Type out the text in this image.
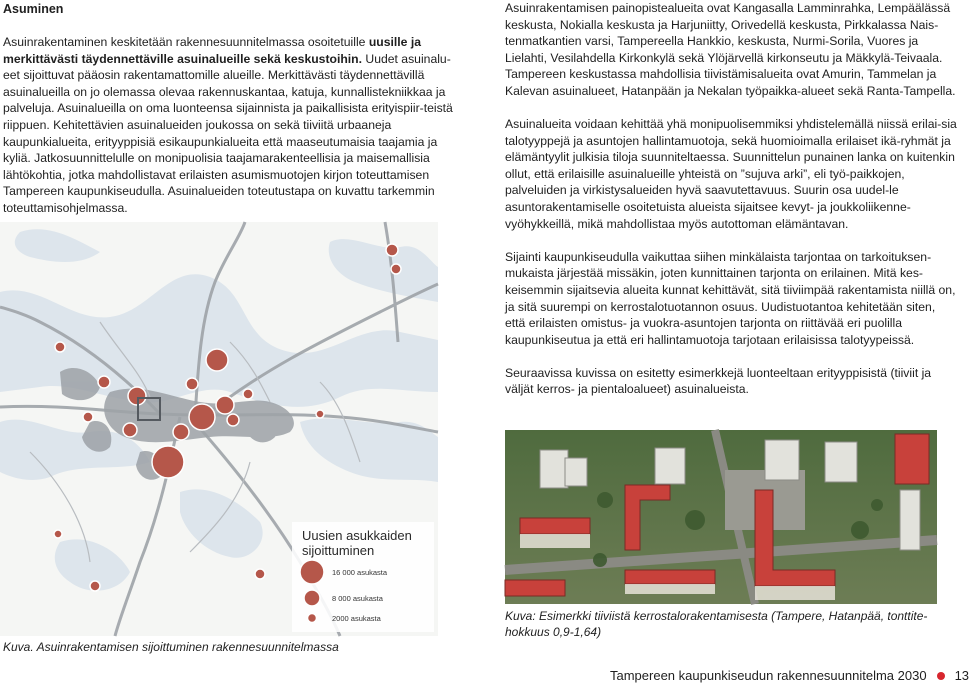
Asuminen

Asuinrakentaminen keskitetään rakennesuunnitelmassa osoitetuille uusille ja merkittävästi täydennettäville asuinalueille sekä keskustoihin. Uudet asuinalu-eet sijoittuvat pääosin rakentamattomille alueille. Merkittävästi täydennettävillä asuinalueilla on jo olemassa olevaa rakennuskantaa, katuja, kunnallistekniikkaa ja palveluja. Asuinalueilla on oma luonteensa sijainnista ja paikallisista erityispiir-teistä riippuen. Kehitettävien asuinalueiden joukossa on sekä tiiviitä urbaaneja kaupunkialueita, erityyppisiä esikaupunkialueita että maaseutumaisia taajamia ja kyliä. Jatkosuunnittelulle on monipuolisia taajamarakenteellisia ja maisemallisia lähtökohtia, jotka mahdollistavat erilaisten asumismuotojen kirjon toteuttamisen Tampereen kaupunkiseudulla. Asuinalueiden toteutustapa on kuvattu tarkemmin toteuttamisohjelmassa.

Uusien asukkaiden sijoittuminen
16 000 asukasta
8 000 asukasta
2000 asukasta
Kuva. Asuinrakentamisen sijoittuminen rakennesuunnitelmassa

Asuinrakentamisen painopistealueita ovat Kangasalla Lamminrahka, Lempäälässä keskusta, Nokialla keskusta ja Harjuniitty, Orivedellä keskusta, Pirkkalassa Nais-tenmatkantien varsi, Tampereella Hankkio, keskusta, Nurmi-Sorila, Vuores ja Lielahti, Vesilahdella Kirkonkylä sekä Ylöjärvellä kirkonseutu ja Mäkkylä-Teivaala. Tampereen keskustassa mahdollisia tiivistämisalueita ovat Amurin, Tammelan ja Kalevan asuinalueet, Hatanpään ja Nekalan työpaikka-alueet sekä Ranta-Tampella.

Asuinalueita voidaan kehittää yhä monipuolisemmiksi yhdistelemällä niissä erilai-sia talotyyppejä ja asuntojen hallintamuotoja, sekä huomioimalla erilaiset ikä-ryhmät ja elämäntyylit julkisia tiloja suunniteltaessa. Suunnittelun punainen lanka on kuitenkin ollut, että erilaisille asuinalueille yhteistä on ”sujuva arki”, eli työ-paikkojen, palveluiden ja virkistysalueiden hyvä saavutettavuus. Suurin osa uudel-le asuntorakentamiselle osoitetuista alueista sijaitsee kevyt- ja joukkoliikenne-vyöhykkeillä, mikä mahdollistaa myös autottoman elämäntavan.

Sijainti kaupunkiseudulla vaikuttaa siihen minkälaista tarjontaa on tarkoituksen-mukaista järjestää missäkin, joten kunnittainen tarjonta on erilainen. Mitä kes-keisemmin sijaitsevia alueita kunnat kehittävät, sitä tiiviimpää rakentamista niillä on, ja sitä suurempi on kerrostalotuotannon osuus. Uudistuotantoa kehitetään siten, että erilaisten omistus- ja vuokra-asuntojen tarjonta on riittävää eri puolilla kaupunkiseutua ja että eri hallintamuotoja tarjotaan erilaisissa talotyypeissä.

Seuraavissa kuvissa on esitetty esimerkkejä luonteeltaan erityyppisistä (tiiviit ja väljät kerros- ja pientaloalueet) asuinalueista.

Kuva: Esimerkki tiiviistä kerrostalorakentamisesta (Tampere, Hatanpää, tonttite-hokkuus 0,9-1,64)
Tampereen kaupunkiseudun rakennesuunnitelma 2030 13
